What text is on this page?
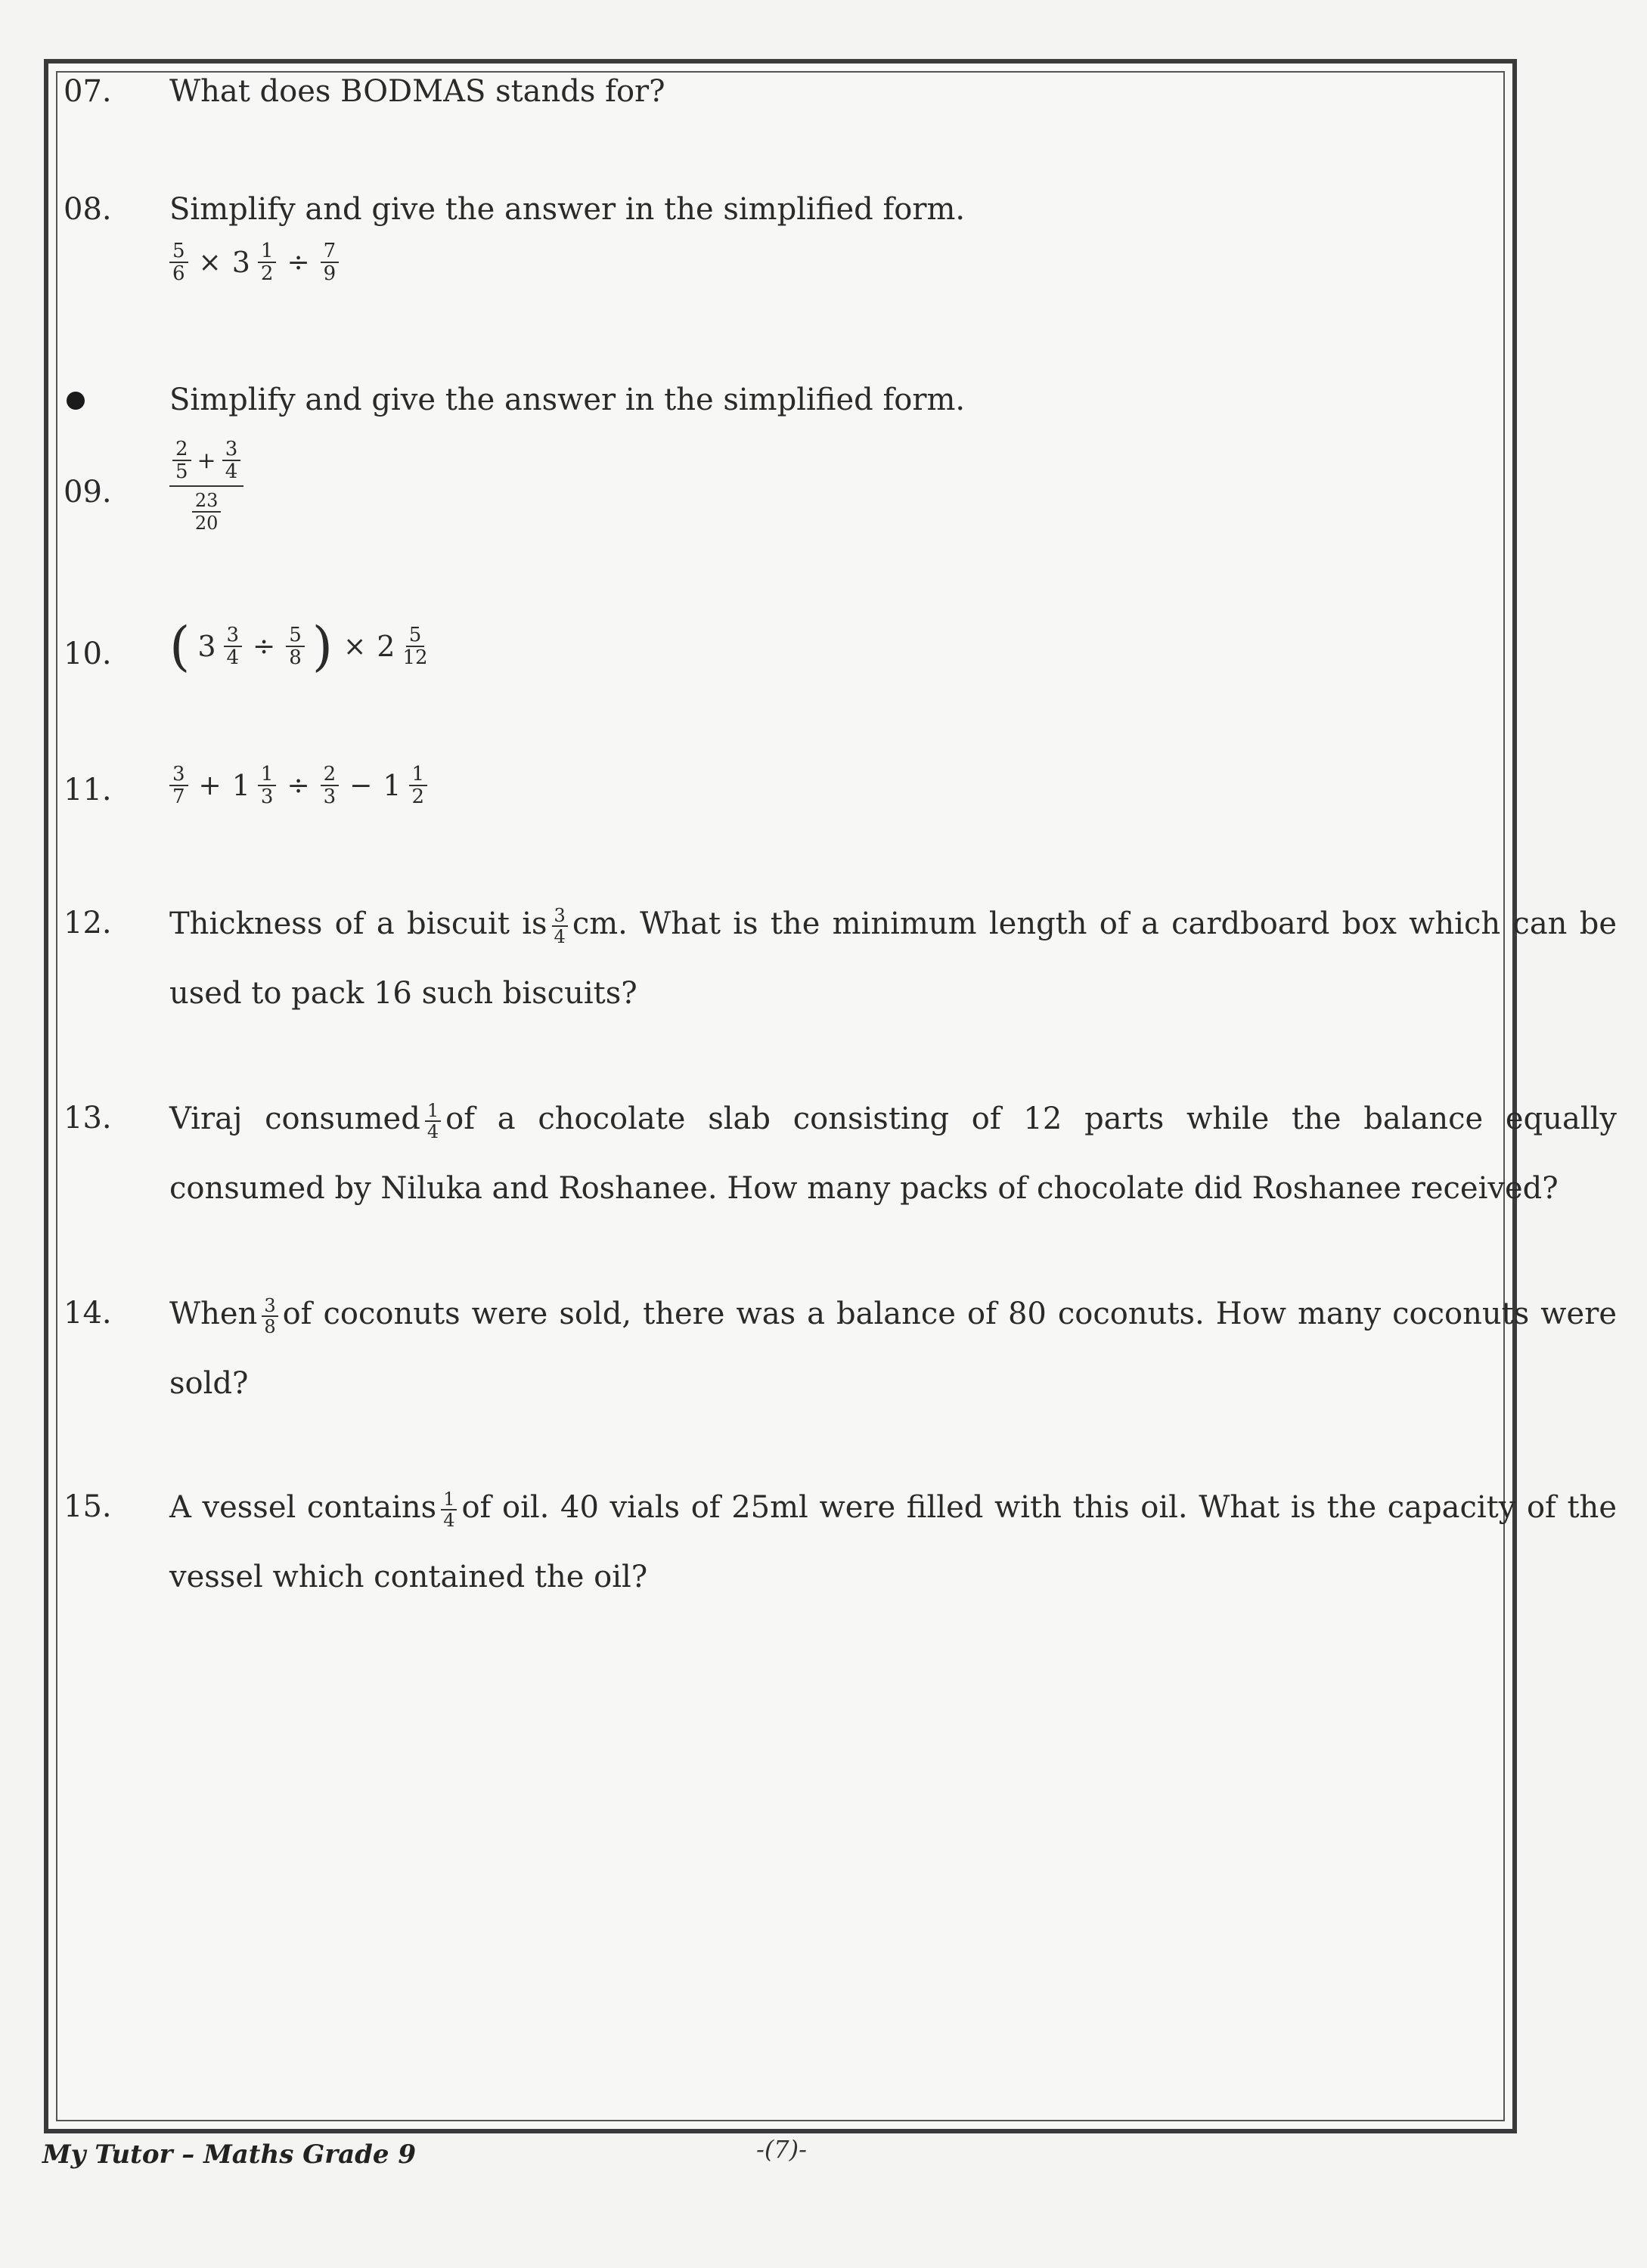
07. What does BODMAS stands for?
08. Simplify and give the answer in the simplified form.
$\frac{5}{6} \times 3 \frac{1}{2} \div \frac{7}{9}$
Simplify and give the answer in the simplified form.
09.
$\frac{2}{5} + \frac{3}{4}$
$\frac{23}{20}$
10. ( $3 \frac{3}{4} \div \frac{5}{8}$ ) × $2 \frac{5}{12}$
11.	$\frac{3}{7} + 1 \frac{1}{3} \div \frac{2}{3} - 1 \frac{1}{2}$
12. Thickness of a biscuit is $\frac{3}{4}$ cm. What is the minimum length of a cardboard box which can be used to pack 16 such biscuits?
13. Viraj consumed $\frac{1}{4}$ of a chocolate slab consisting of 12 parts while the balance equally consumed by Niluka and Roshanee. How many packs of chocolate did Roshanee received?
14. When $\frac{3}{8}$ of coconuts were sold, there was a balance of 80 coconuts. How many coconuts were sold?
15. A vessel contains $\frac{1}{4}$ of oil. 40 vials of 25ml were filled with this oil. What is the capacity of the vessel which contained the oil?
My Tutor – Maths Grade 9	-(7)-
